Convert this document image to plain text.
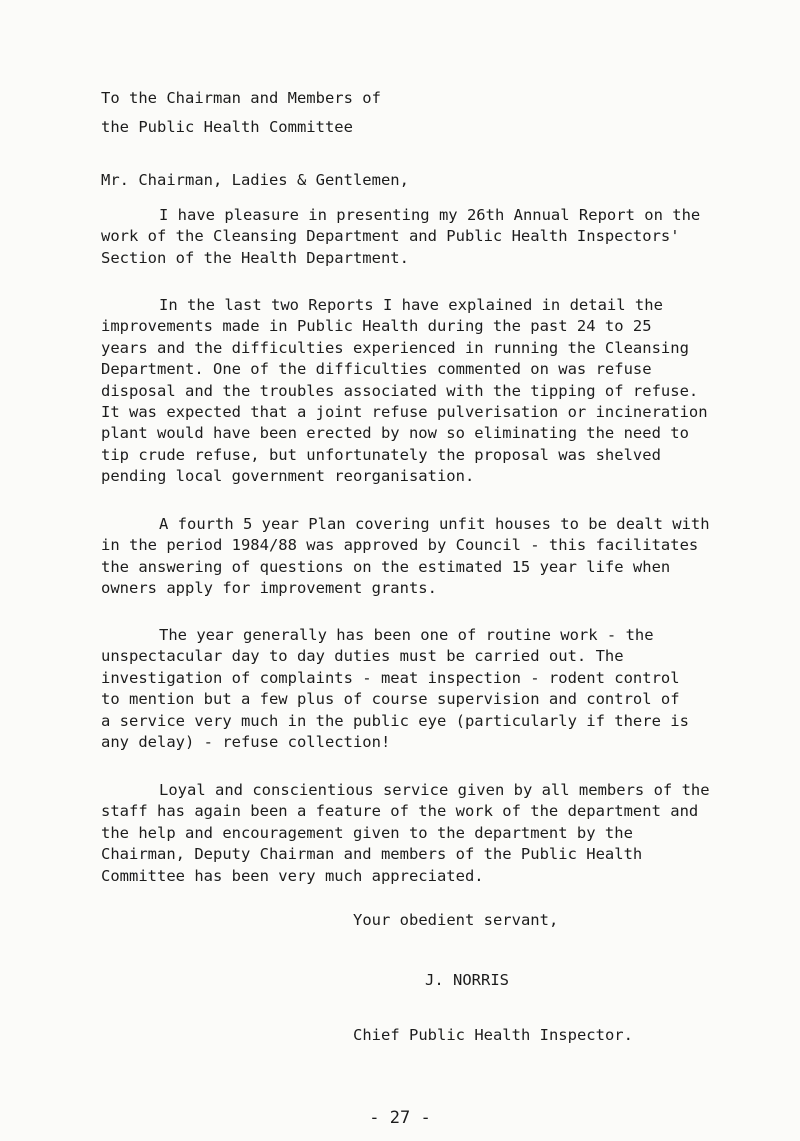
To the Chairman and Members of

the Public Health Committee

Mr. Chairman, Ladies & Gentlemen,

I have pleasure in presenting my 26th Annual Report on the
work of the Cleansing Department and Public Health Inspectors'
Section of the Health Department.

In the last two Reports I have explained in detail the
improvements made in Public Health during the past 24 to 25
years and the difficulties experienced in running the Cleansing
Department. One of the difficulties commented on was refuse
disposal and the troubles associated with the tipping of refuse.
It was expected that a joint refuse pulverisation or incineration
plant would have been erected by now so eliminating the need to
tip crude refuse, but unfortunately the proposal was shelved
pending local government reorganisation.

A fourth 5 year Plan covering unfit houses to be dealt with
in the period 1984/88 was approved by Council - this facilitates
the answering of questions on the estimated 15 year life when
owners apply for improvement grants.

The year generally has been one of routine work - the
unspectacular day to day duties must be carried out. The
investigation of complaints - meat inspection - rodent control
to mention but a few plus of course supervision and control of
a service very much in the public eye (particularly if there is
any delay) - refuse collection!

Loyal and conscientious service given by all members of the
staff has again been a feature of the work of the department and
the help and encouragement given to the department by the
Chairman, Deputy Chairman and members of the Public Health
Committee has been very much appreciated.

Your obedient servant,

J. NORRIS

Chief Public Health Inspector.

- 27 -
